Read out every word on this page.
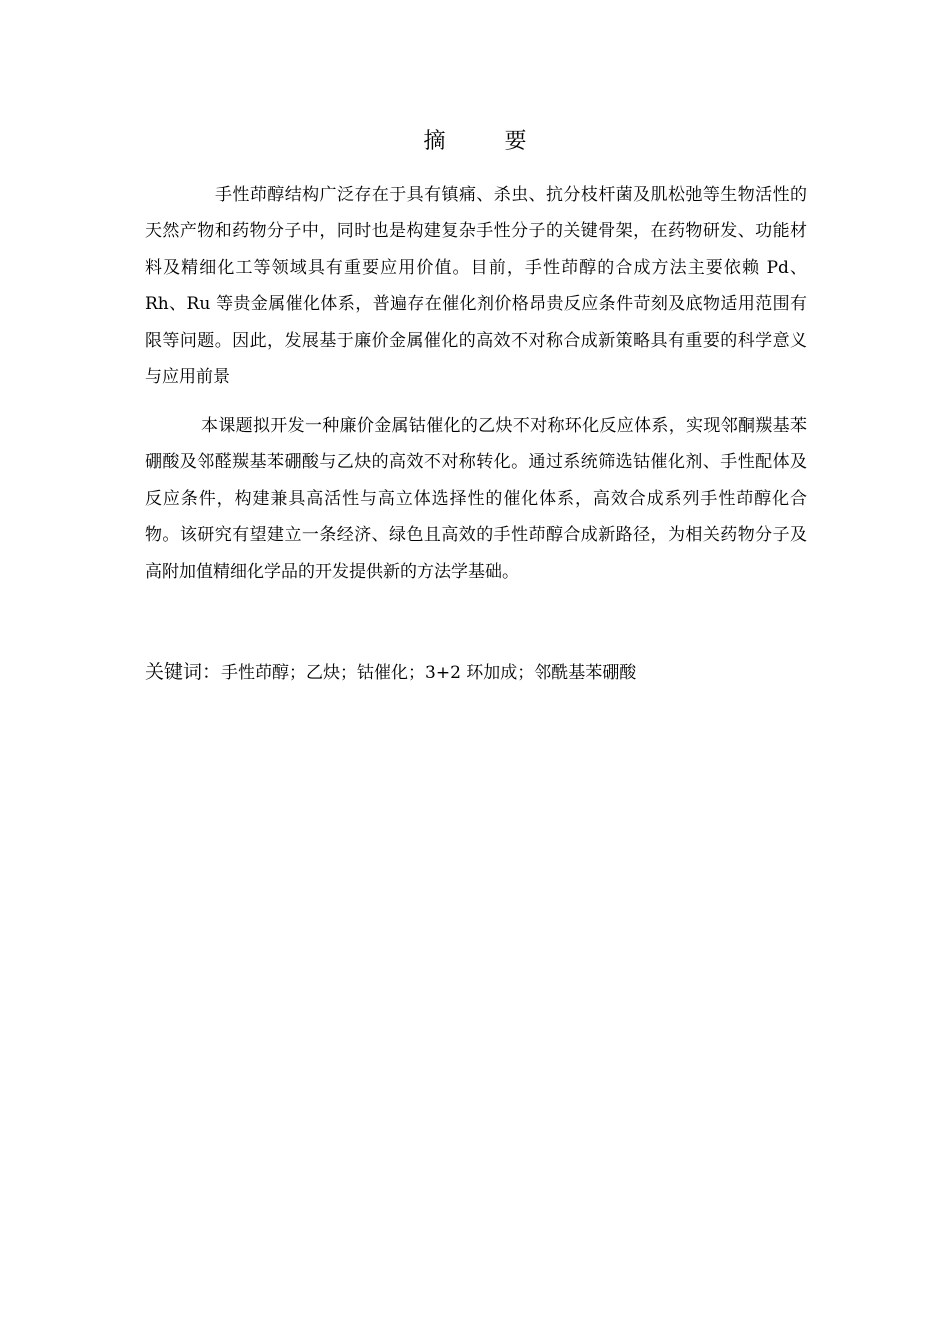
摘 要

手性茚醇结构广泛存在于具有镇痛、杀虫、抗分枝杆菌及肌松弛等生物活性的天然产物和药物分子中，同时也是构建复杂手性分子的关键骨架，在药物研发、功能材料及精细化工等领域具有重要应用价值。目前，手性茚醇的合成方法主要依赖 Pd、Rh、Ru 等贵金属催化体系，普遍存在催化剂价格昂贵反应条件苛刻及底物适用范围有限等问题。因此，发展基于廉价金属催化的高效不对称合成新策略具有重要的科学意义与应用前景

本课题拟开发一种廉价金属钴催化的乙炔不对称环化反应体系，实现邻酮羰基苯硼酸及邻醛羰基苯硼酸与乙炔的高效不对称转化。通过系统筛选钴催化剂、手性配体及反应条件，构建兼具高活性与高立体选择性的催化体系，高效合成系列手性茚醇化合物。该研究有望建立一条经济、绿色且高效的手性茚醇合成新路径，为相关药物分子及高附加值精细化学品的开发提供新的方法学基础。

关键词：手性茚醇；乙炔；钴催化；3+2 环加成；邻酰基苯硼酸
